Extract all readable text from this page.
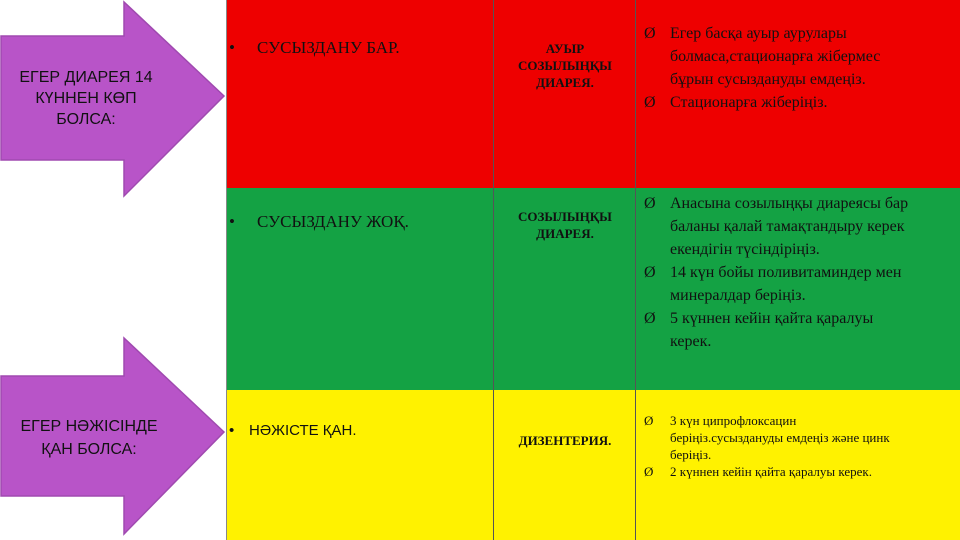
ЕГЕР ДИАРЕЯ 14 КҮННЕН КӨП БОЛСА:
ЕГЕР НӘЖІСІНДЕ ҚАН БОЛСА:
• СУСЫЗДАНУ БАР.	АУЫР
СОЗЫЛЫҢҚЫ
ДИАРЕЯ.
Ø Егер басқа ауыр аурулары
болмаса,стационарға жібермес
бұрын сусыздануды емдеңіз.
Ø Стационарға жіберіңіз.
• СУСЫЗДАНУ ЖОҚ.	СОЗЫЛЫҢҚЫ
ДИАРЕЯ.
Ø Анасына созылыңқы диареясы бар
баланы қалай тамақтандыру керек
екендігін түсіндіріңіз.
Ø 14 күн бойы поливитаминдер мен
минералдар беріңіз.
Ø 5 күннен кейін қайта қаралуы
керек.
• НӘЖІСТЕ ҚАН.
ДИЗЕНТЕРИЯ.
Ø 3 күн ципрофлоксацин
беріңіз.сусыздануды емдеңіз және цинк
беріңіз.
Ø 2 күннен кейін қайта қаралуы керек.
